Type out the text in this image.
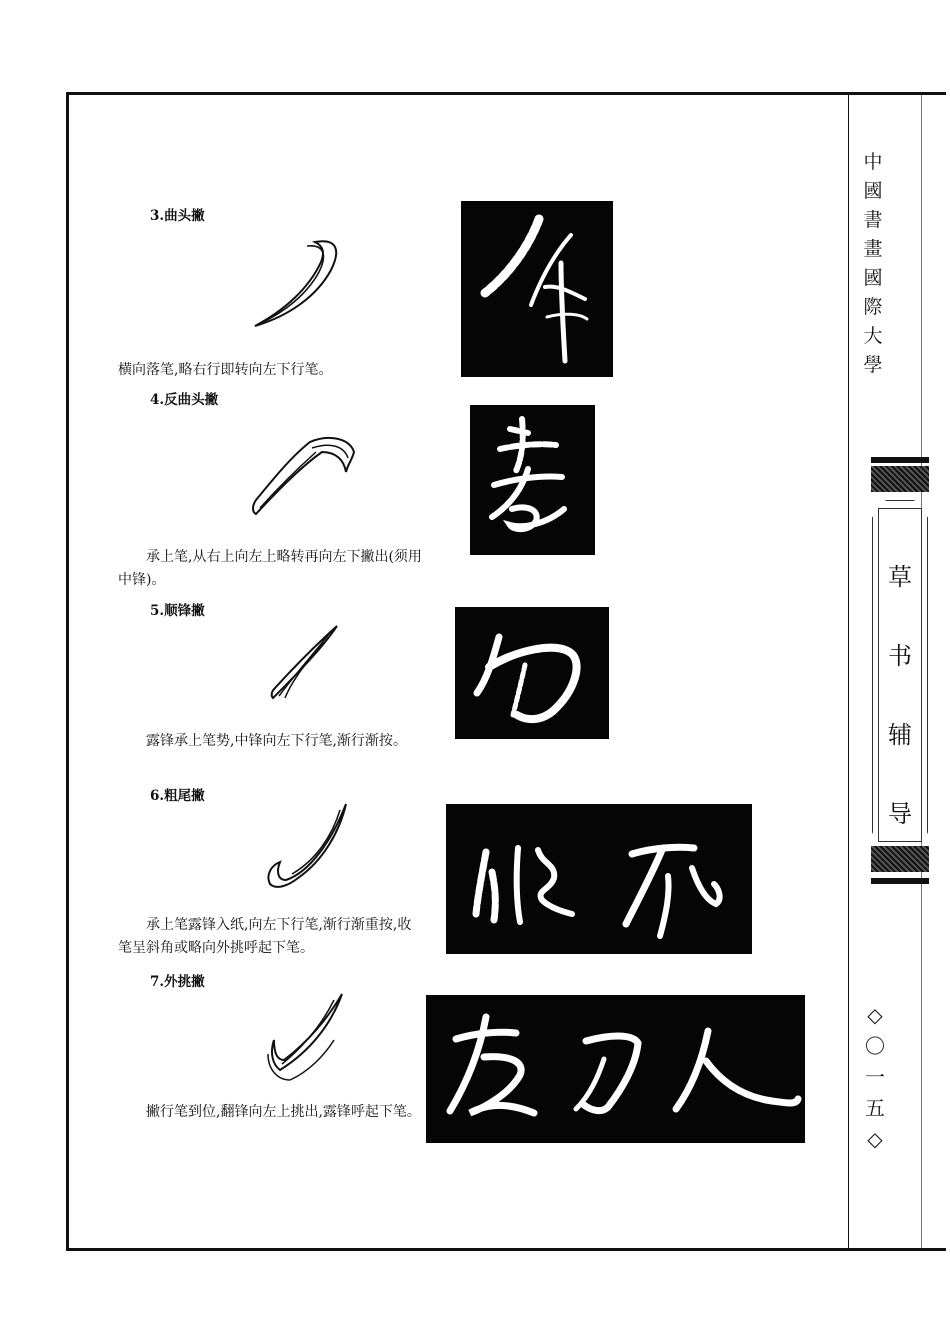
中
國
書
畫
國
際
大
學
草
书
辅
导
◇
〇
一
五
◇
3.曲头撇
横向落笔,略右行即转向左下行笔。
4.反曲头撇
承上笔,从右上向左上略转再向左下撇出(须用中锋)。
5.顺锋撇
露锋承上笔势,中锋向左下行笔,渐行渐按。
6.粗尾撇
承上笔露锋入纸,向左下行笔,渐行渐重按,收笔呈斜角或略向外挑呼起下笔。
7.外挑撇
撇行笔到位,翻锋向左上挑出,露锋呼起下笔。
